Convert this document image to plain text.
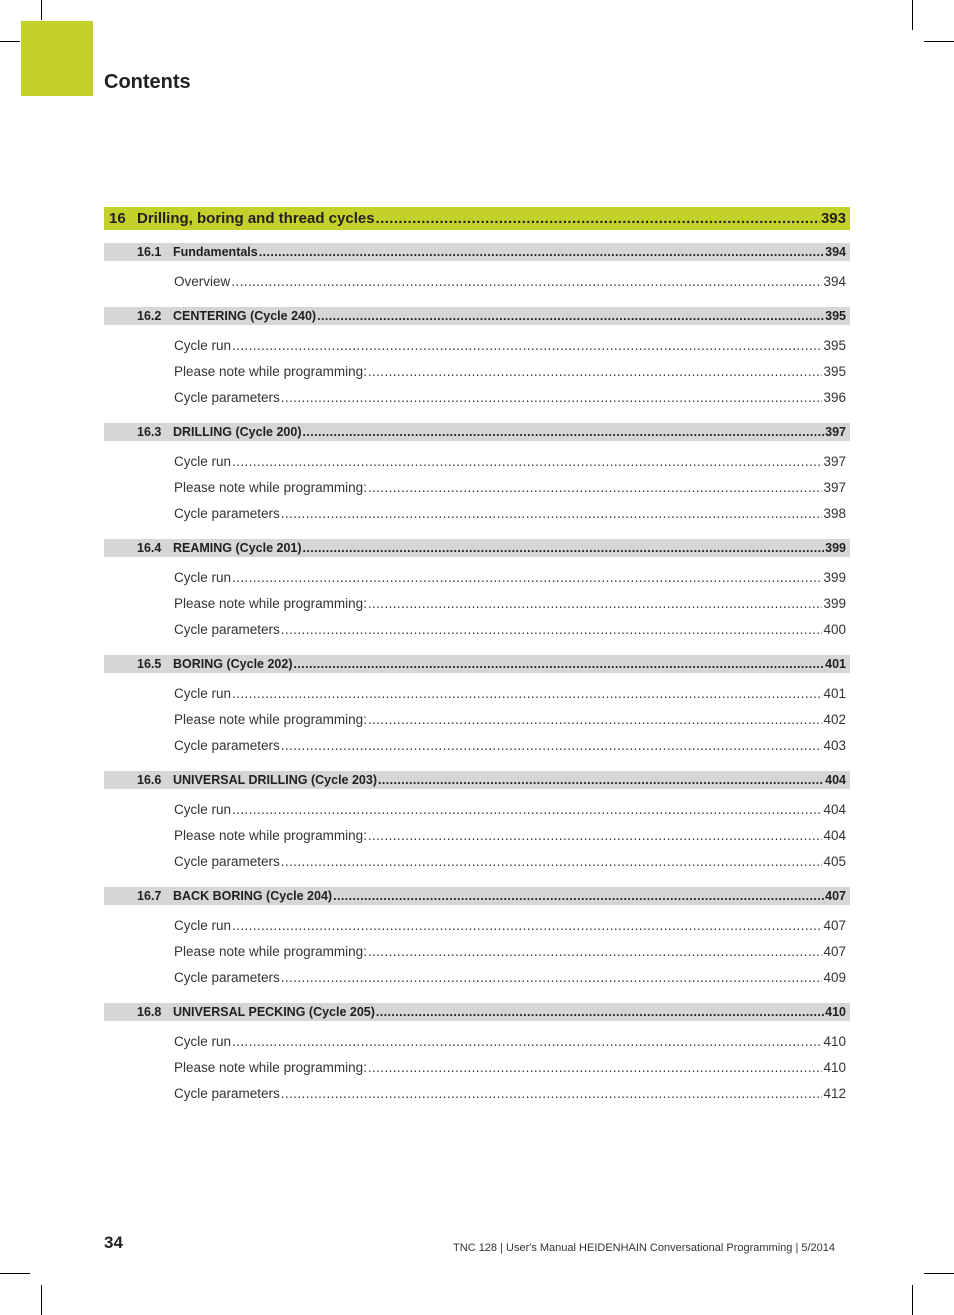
Contents
16 Drilling, boring and thread cycles .....	393
16.1 Fundamentals .....	394
Overview .....	394
16.2 CENTERING (Cycle 240) .....	395
Cycle run .....	395
Please note while programming: .....	395
Cycle parameters .....	396
16.3 DRILLING (Cycle 200) .....	397
Cycle run .....	397
Please note while programming: .....	397
Cycle parameters .....	398
16.4 REAMING (Cycle 201) .....	399
Cycle run .....	399
Please note while programming: .....	399
Cycle parameters .....	400
16.5 BORING (Cycle 202) .....	401
Cycle run .....	401
Please note while programming: .....	402
Cycle parameters .....	403
16.6 UNIVERSAL DRILLING (Cycle 203) .....	404
Cycle run .....	404
Please note while programming: .....	404
Cycle parameters .....	405
16.7 BACK BORING (Cycle 204) .....	407
Cycle run .....	407
Please note while programming: .....	407
Cycle parameters .....	409
16.8 UNIVERSAL PECKING (Cycle 205) .....	410
Cycle run .....	410
Please note while programming: .....	410
Cycle parameters .....	412
34	TNC 128 | User's Manual HEIDENHAIN Conversational Programming | 5/2014
